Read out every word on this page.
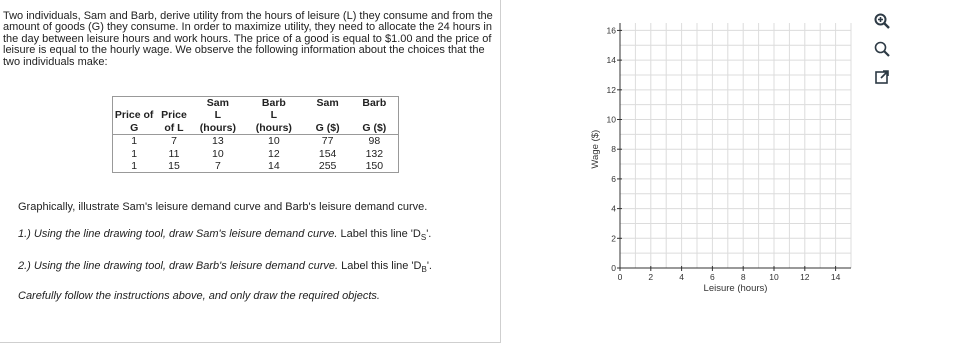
Two individuals, Sam and Barb, derive utility from the hours of leisure (L) they consume and from the amount of goods (G) they consume. In order to maximize utility, they need to allocate the 24 hours in the day between leisure hours and work hours. The price of a good is equal to $1.00 and the price of leisure is equal to the hourly wage. We observe the following information about the choices that the two individuals make:
		Sam	Barb	Sam	Barb
Price of	Price	L	L		
G	of L	(hours)	(hours)	G ($)	G ($)
1	7	13	10	77	98
1	11	10	12	154	132
1	15	7	14	255	150
Graphically, illustrate Sam's leisure demand curve and Barb's leisure demand curve.
1.) Using the line drawing tool, draw Sam's leisure demand curve. Label this line '$D_S$'.
2.) Using the line drawing tool, draw Barb's leisure demand curve. Label this line '$D_B$'.
Carefully follow the instructions above, and only draw the required objects.
0
2
4
6
8
10
12
14
16
0	2	4	6	8	10	12	14
Leisure (hours)
Wage ($)
